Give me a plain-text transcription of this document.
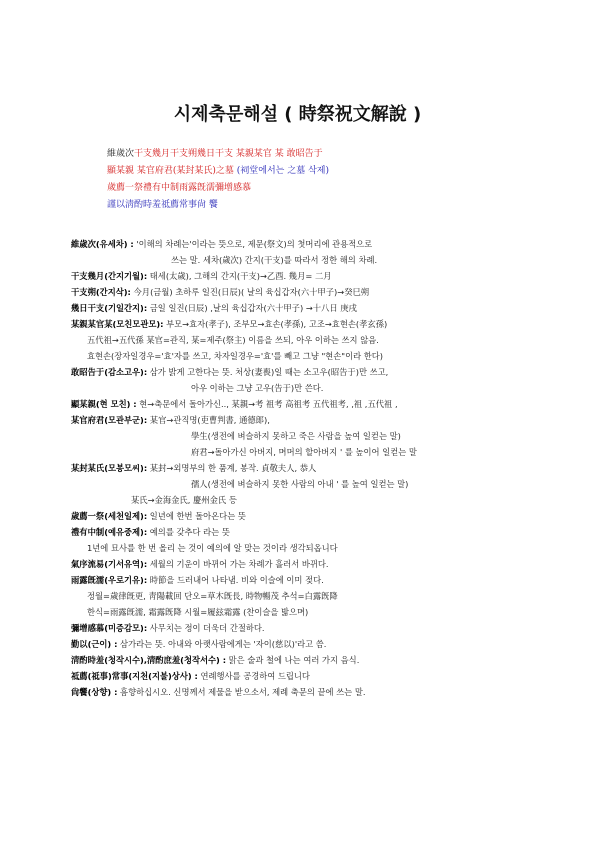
시제축문해설 ( 時祭祝文解說 )
維歲次干支幾月干支朔幾日干支 某親某官 某 敢昭告于
顯某親 某官府君(某封某氏)之墓 (祠堂에서는 之墓 삭제)
歲薦一祭禮有中制雨露旣濡彌增感慕
謹以淸酌時羞祗薦常事尙 饗
維歲次(유세차) : '이해의 차례는'이라는 뜻으로, 제문(祭文)의 첫머리에 관용적으로
쓰는 말. 세차(歲次) 간지(干支)를 따라서 정한 해의 차례.
干支幾月(간지기월): 태세(太歲), 그해의 간지(干支)→乙酉. 幾月= 二月
干支朔(간지삭): 今月(금월) 초하루 일진(日辰)( 날의 육십갑자(六十甲子)→癸巳朔
幾日干支(기일간지): 금일 일진(日辰) ,날의 육십갑자(六十甲子) →十八日 庚戌
某親某官某(모친모관모): 부모→효자(孝子), 조부모→효손(孝孫), 고조→효현손(孝玄孫)
五代祖→五代孫 某官=관직, 某=제주(祭主) 이름을 쓰되, 아우 이하는 쓰지 않음.
효현손(장자일경우='효'자를 쓰고, 차자일경우='효'를 빼고 그냥 "현손"이라 한다)
敢昭告于(감소고우): 삼가 밝게 고한다는 뜻. 처상(妻喪)일 때는 소고우(昭告于)만 쓰고,
아우 이하는 그냥 고우(告于)만 쓴다.
顯某親(현 모친) : 현→축문에서 돌아가신.., 某親→考 祖考 高祖考 五代祖考, ,祖 ,五代祖 ,
某官府君(모관부군): 某官→관직명(吏曹判書, 通德郞),
學生(생전에 벼슬하지 못하고 죽은 사람을 높여 일컫는 말)
府君→돌아가신 아버지, 며머의 할아버지 ' 를 높이어 일컫는 말
某封某氏(모봉모씨): 某封→외명부의 한 품계, 봉작. 貞敬夫人, 恭人
孺人(생전에 벼슬하지 못한 사람의 아내 ' 를 높여 일컫는 말)
某氏→金海金氏, 慶州金氏 등
歲薦一祭(세천일제): 일년에 한번 돌아온다는 뜻
禮有中制(예유중제): 예의를 갖추다 라는 뜻
1년에 묘사를 한 번 올리 는 것이 예의에 알 맞는 것이라 생각되옵니다
氣序流易(기서유역): 세월의 기운이 바뀌어 가는 차례가 흘러서 바뀌다.
雨露旣濡(우로기유): 時節을 드러내어 나타냄. 비와 이슬에 이미 젖다.
정월=歲律旣更, 靑陽載回 단오=草木旣長, 時物暢茂 추석=白露旣降
한식=雨露旣濡, 霜露旣降 시월=履玆霜露 (찬이슬을 밟으며)
彌增感慕(미증감모): 사무치는 정이 더욱더 간절하다.
勤以(근이) : 삼가라는 뜻. 아내와 아랫사람에게는 '자이(慈以)'라고 씀.
淸酌時羞(청작시수),淸酌庶羞(청작서수) : 맑은 술과 철에 나는 여러 가지 음식.
祗薦(祗事)常事(지천(지불)상사) : 연례행사를 공경하여 드립니다
尙饗(상향) : 흠향하십시오. 신명께서 제물을 받으소서, 제례 축문의 끝에 쓰는 말.
